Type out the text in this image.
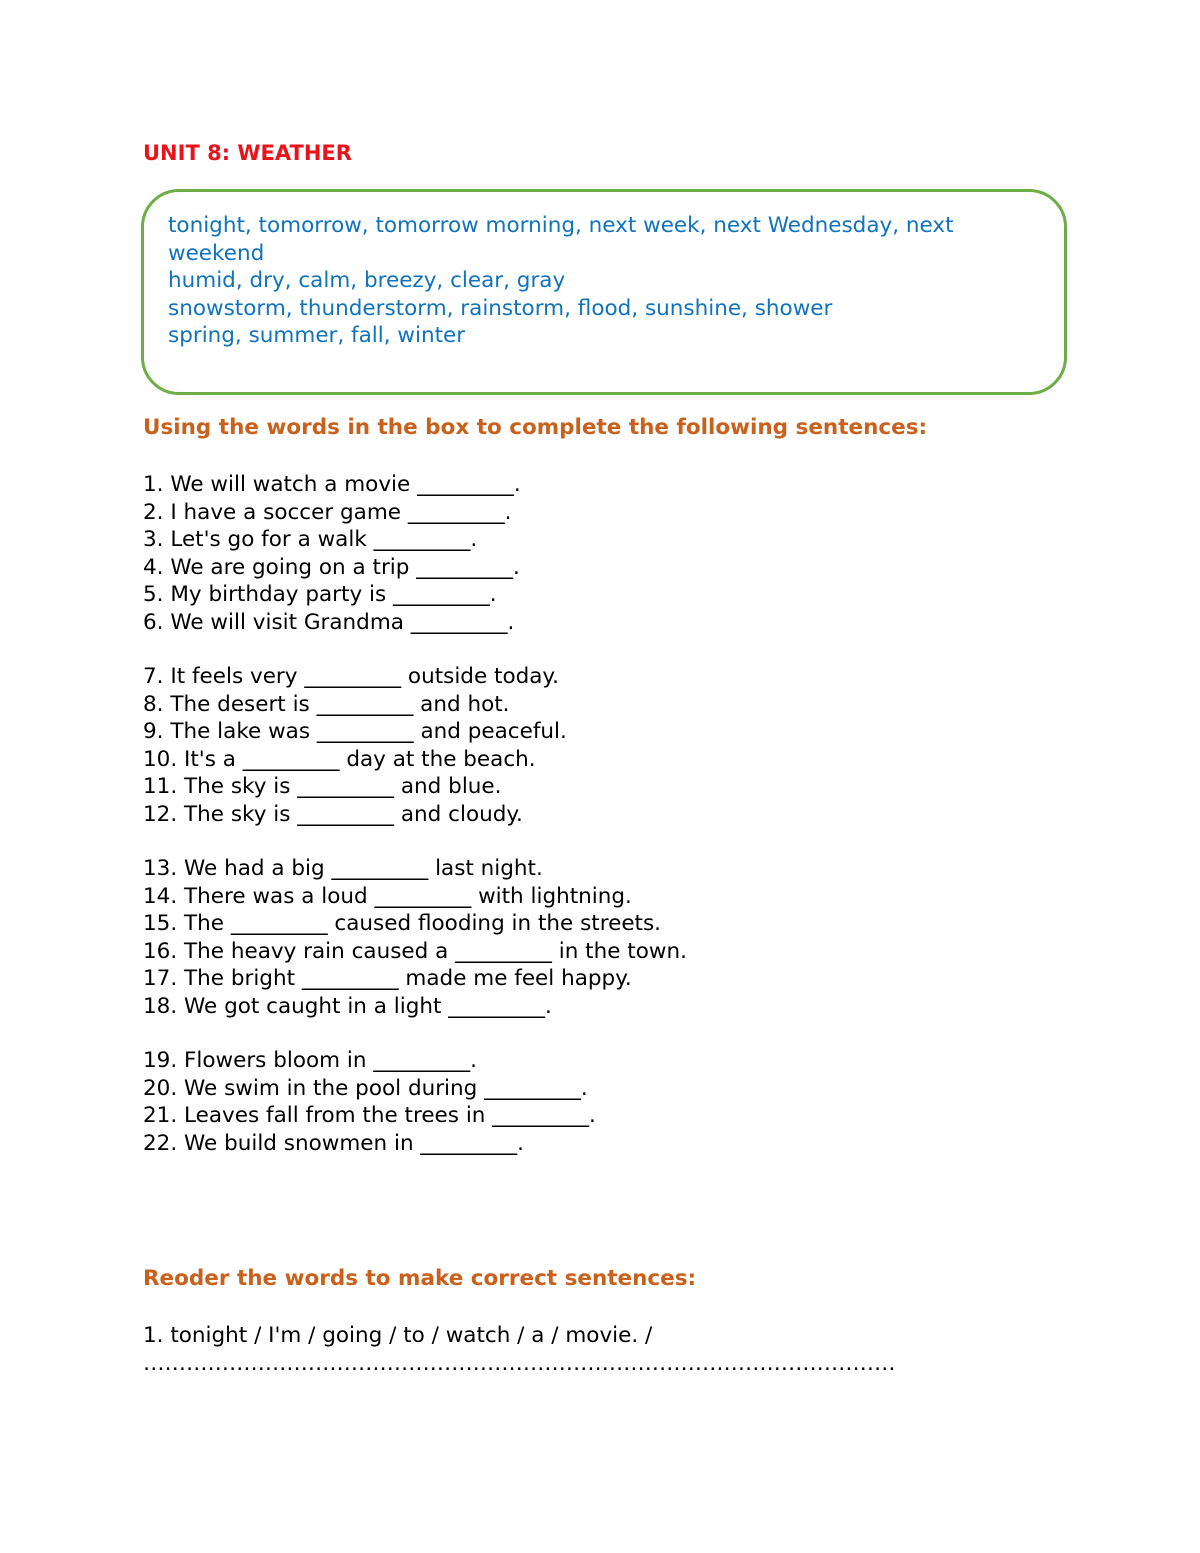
UNIT 8: WEATHER
tonight, tomorrow, tomorrow morning, next week, next Wednesday, next weekend
humid, dry, calm, breezy, clear, gray
snowstorm, thunderstorm, rainstorm, flood, sunshine, shower
spring, summer, fall, winter
Using the words in the box to complete the following sentences:
1. We will watch a movie _________.
2. I have a soccer game _________.
3. Let's go for a walk _________.
4. We are going on a trip _________.
5. My birthday party is _________.
6. We will visit Grandma _________.
7. It feels very _________ outside today.
8. The desert is _________ and hot.
9. The lake was _________ and peaceful.
10. It's a _________ day at the beach.
11. The sky is _________ and blue.
12. The sky is _________ and cloudy.
13. We had a big _________ last night.
14. There was a loud _________ with lightning.
15. The _________ caused flooding in the streets.
16. The heavy rain caused a _________ in the town.
17. The bright _________ made me feel happy.
18. We got caught in a light _________.
19. Flowers bloom in _________.
20. We swim in the pool during _________.
21. Leaves fall from the trees in _________.
22. We build snowmen in _________.
Reoder the words to make correct sentences:
1. tonight / I'm / going / to / watch / a / movie. /
……………………………………………………………………………………………
